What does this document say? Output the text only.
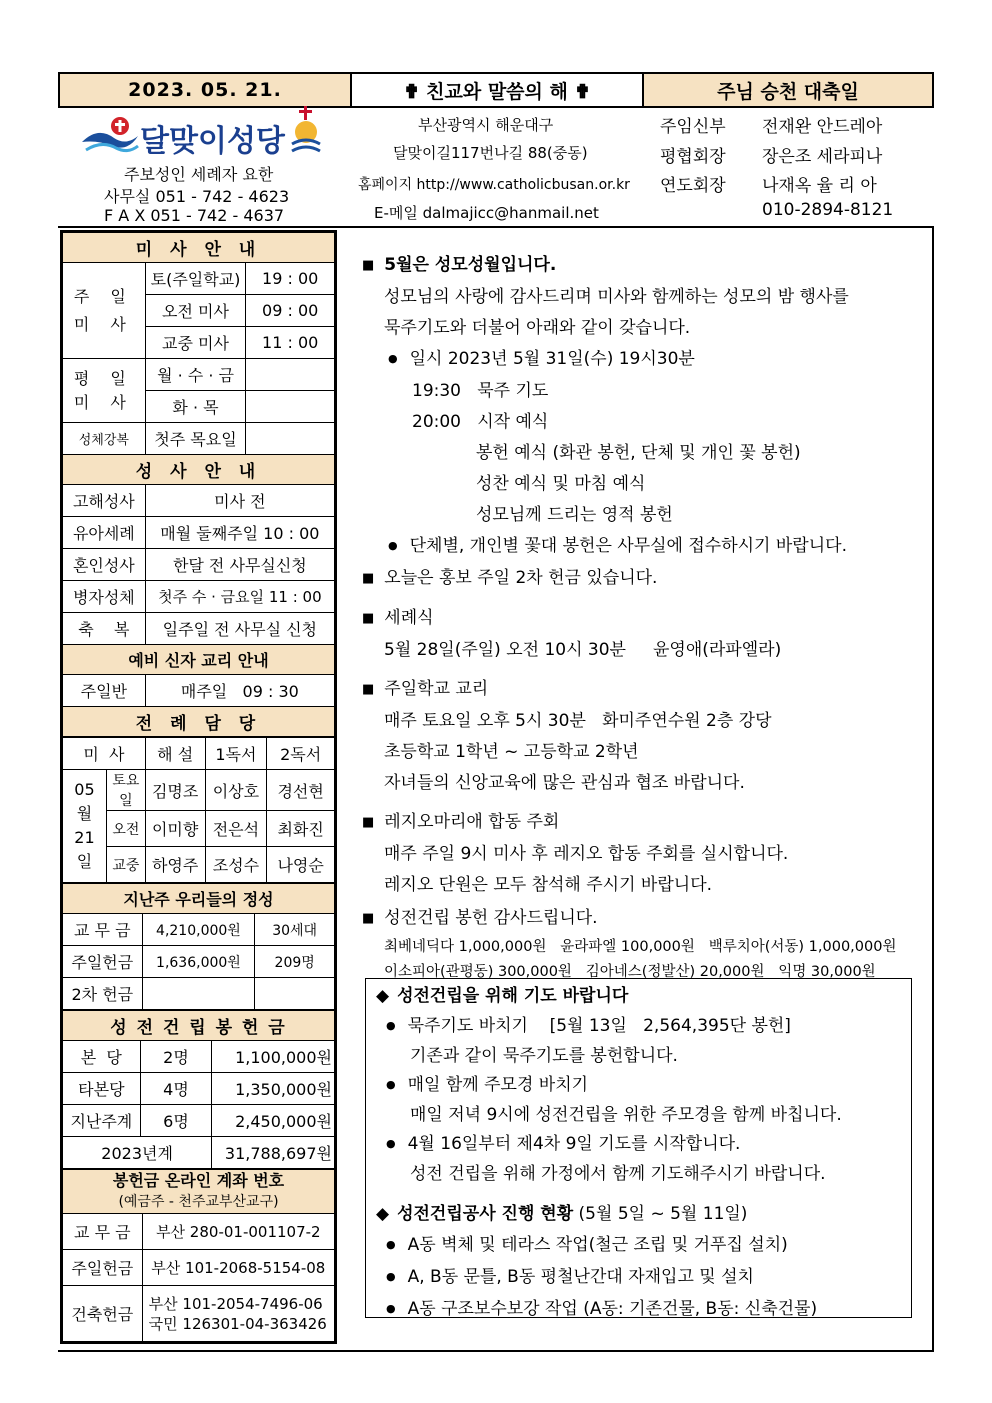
2023. 05. 21.	✟ 친교와 말씀의 해 ✟	주님 승천 대축일
달맞이성당
주보성인 세례자 요한
사무실 051 - 742 - 4623
F A X 051 - 742 - 4637
부산광역시 해운대구
달맞이길117번나길 88(중동)
홈페이지 http://www.catholicbusan.or.kr
E-메일 dalmajicc@hanmail.net
주임신부 전재완 안드레아
평협회장 장은조 세라피나
연도회장 나재옥 율 리 아
010-2894-8121
미 사 안 내		
주 일 미 사	토(주일학교)	19 : 00
	오전 미사	09 : 00
	교중 미사	11 : 00
평 일 미 사	월 · 수 · 금	
	화 · 목	
성체강복	첫주 목요일	
성 사 안 내		
고해성사	미사 전	
유아세례	매월 둘째주일 10 : 00	
혼인성사	한달 전 사무실신청	
병자성체	첫주 수 · 금요일 11 : 00	
축    복	일주일 전 사무실 신청	
예비 신자 교리 안내		
주일반	매주일   09 : 30	
전 례 담 당		
미  사		해 설	1독서	2독서
05월 21일	토요일	김명조	이상호	경선현
	오전	이미향	전은석	최화진
	교중	하영주	조성수	나영순
지난주 우리들의 정성		
교 무 금	4,210,000원	30세대
주일헌금	1,636,000원	209명
2차 헌금		
성 전 건 립 봉 헌 금		
본  당	2명	1,100,000원
타본당	4명	1,350,000원
지난주계	6명	2,450,000원
2023년계		31,788,697원
봉헌금 온라인 계좌 번호
(예금주 - 천주교부산교구)	
교 무 금	부산 280-01-001107-2
주일헌금	부산 101-2068-5154-08
건축헌금	부산 101-2054-7496-06
국민 126301-04-363426
■ 5월은 성모성월입니다.
성모님의 사랑에 감사드리며 미사와 함께하는 성모의 밤 행사를
묵주기도와 더불어 아래와 같이 갖습니다.
● 일시 2023년 5월 31일(수) 19시30분
19:30   묵주 기도
20:00   시작 예식
봉헌 예식 (화관 봉헌, 단체 및 개인 꽃 봉헌)
성찬 예식 및 마침 예식
성모님께 드리는 영적 봉헌
● 단체별, 개인별 꽃대 봉헌은 사무실에 접수하시기 바랍니다.
■ 오늘은 홍보 주일 2차 헌금 있습니다.
■ 세례식
5월 28일(주일) 오전 10시 30분     윤영애(라파엘라)
■ 주일학교 교리
매주 토요일 오후 5시 30분   화미주연수원 2층 강당
초등학교 1학년 ~ 고등학교 2학년
자녀들의 신앙교육에 많은 관심과 협조 바랍니다.
■ 레지오마리애 합동 주회
매주 주일 9시 미사 후 레지오 합동 주회를 실시합니다.
레지오 단원은 모두 참석해 주시기 바랍니다.
■ 성전건립 봉헌 감사드립니다.
최베네딕다 1,000,000원   윤라파엘 100,000원   백루치아(서동) 1,000,000원
이소피아(관평동) 300,000원   김아네스(정발산) 20,000원   익명 30,000원
◆ 성전건립을 위해 기도 바랍니다
● 묵주기도 바치기    [5월 13일   2,564,395단 봉헌]
기존과 같이 묵주기도를 봉헌합니다.
● 매일 함께 주모경 바치기
매일 저녁 9시에 성전건립을 위한 주모경을 함께 바칩니다.
● 4월 16일부터 제4차 9일 기도를 시작합니다.
성전 건립을 위해 가정에서 함께 기도해주시기 바랍니다.
◆ 성전건립공사 진행 현황 (5월 5일 ~ 5월 11일)
● A동 벽체 및 테라스 작업(철근 조립 및 거푸집 설치)
● A, B동 문틀, B동 평철난간대 자재입고 및 설치
● A동 구조보수보강 작업 (A동: 기존건물, B동: 신축건물)
